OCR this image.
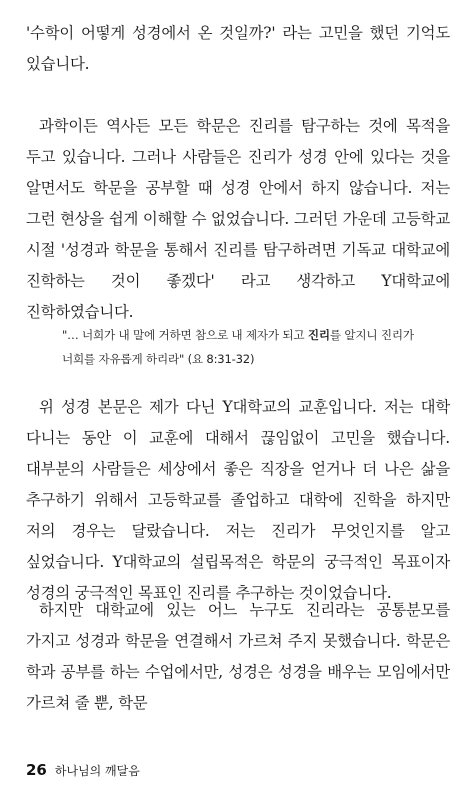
'수학이 어떻게 성경에서 온 것일까?' 라는 고민을 했던 기억도 있습니다.

과학이든 역사든 모든 학문은 진리를 탐구하는 것에 목적을 두고 있습니다. 그러나 사람들은 진리가 성경 안에 있다는 것을 알면서도 학문을 공부할 때 성경 안에서 하지 않습니다. 저는 그런 현상을 쉽게 이해할 수 없었습니다. 그러던 가운데 고등학교 시절 '성경과 학문을 통해서 진리를 탐구하려면 기독교 대학교에 진학하는 것이 좋겠다' 라고 생각하고 Y대학교에 진학하였습니다.

"… 너희가 내 말에 거하면 참으로 내 제자가 되고 진리를 알지니 진리가 너희를 자유롭게 하리라" (요 8:31-32)

위 성경 본문은 제가 다닌 Y대학교의 교훈입니다. 저는 대학 다니는 동안 이 교훈에 대해서 끊임없이 고민을 했습니다. 대부분의 사람들은 세상에서 좋은 직장을 얻거나 더 나은 삶을 추구하기 위해서 고등학교를 졸업하고 대학에 진학을 하지만 저의 경우는 달랐습니다. 저는 진리가 무엇인지를 알고 싶었습니다. Y대학교의 설립목적은 학문의 궁극적인 목표이자 성경의 궁극적인 목표인 진리를 추구하는 것이었습니다.

하지만 대학교에 있는 어느 누구도 진리라는 공통분모를 가지고 성경과 학문을 연결해서 가르쳐 주지 못했습니다. 학문은 학과 공부를 하는 수업에서만, 성경은 성경을 배우는 모임에서만 가르쳐 줄 뿐, 학문

26 하나님의 깨달음
